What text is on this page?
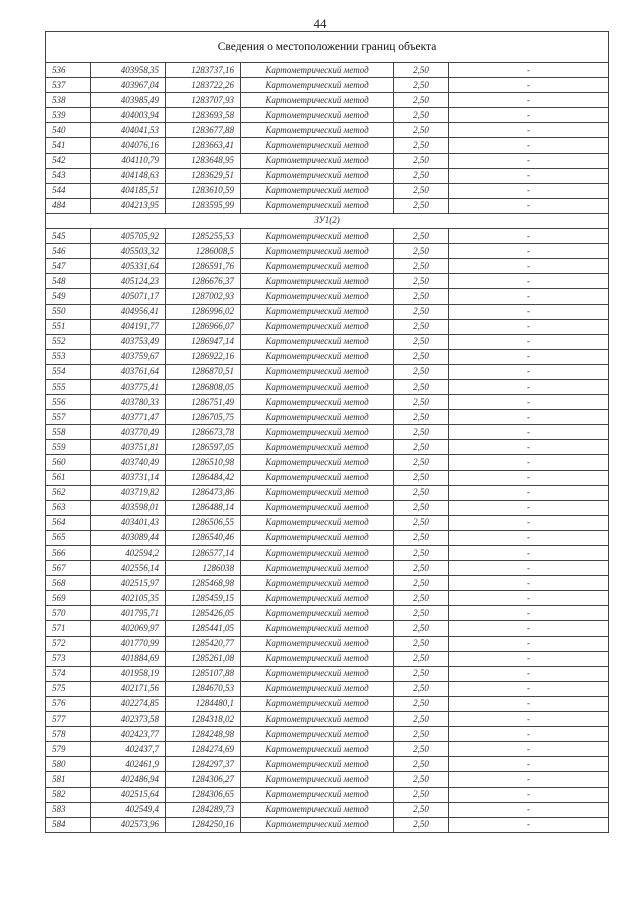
44
Сведения о местоположении границ объекта					
536	403958,35	1283737,16	Картометрический метод	2,50	-
537	403967,04	1283722,26	Картометрический метод	2,50	-
538	403985,49	1283707,93	Картометрический метод	2,50	-
539	404003,94	1283693,58	Картометрический метод	2,50	-
540	404041,53	1283677,88	Картометрический метод	2,50	-
541	404076,16	1283663,41	Картометрический метод	2,50	-
542	404110,79	1283648,95	Картометрический метод	2,50	-
543	404148,63	1283629,51	Картометрический метод	2,50	-
544	404185,51	1283610,59	Картометрический метод	2,50	-
484	404213,95	1283595,99	Картометрический метод	2,50	-
ЗУ1(2)					
545	405705,92	1285255,53	Картометрический метод	2,50	-
546	405503,32	1286008,5	Картометрический метод	2,50	-
547	405331,64	1286591,76	Картометрический метод	2,50	-
548	405124,23	1286676,37	Картометрический метод	2,50	-
549	405071,17	1287002,93	Картометрический метод	2,50	-
550	404956,41	1286996,02	Картометрический метод	2,50	-
551	404191,77	1286966,07	Картометрический метод	2,50	-
552	403753,49	1286947,14	Картометрический метод	2,50	-
553	403759,67	1286922,16	Картометрический метод	2,50	-
554	403761,64	1286870,51	Картометрический метод	2,50	-
555	403775,41	1286808,05	Картометрический метод	2,50	-
556	403780,33	1286751,49	Картометрический метод	2,50	-
557	403771,47	1286705,75	Картометрический метод	2,50	-
558	403770,49	1286673,78	Картометрический метод	2,50	-
559	403751,81	1286597,05	Картометрический метод	2,50	-
560	403740,49	1286510,98	Картометрический метод	2,50	-
561	403731,14	1286484,42	Картометрический метод	2,50	-
562	403719,82	1286473,86	Картометрический метод	2,50	-
563	403598,01	1286488,14	Картометрический метод	2,50	-
564	403401,43	1286506,55	Картометрический метод	2,50	-
565	403089,44	1286540,46	Картометрический метод	2,50	-
566	402594,2	1286577,14	Картометрический метод	2,50	-
567	402556,14	1286038	Картометрический метод	2,50	-
568	402515,97	1285468,98	Картометрический метод	2,50	-
569	402105,35	1285459,15	Картометрический метод	2,50	-
570	401795,71	1285426,05	Картометрический метод	2,50	-
571	402069,97	1285441,05	Картометрический метод	2,50	-
572	401770,99	1285420,77	Картометрический метод	2,50	-
573	401884,69	1285261,08	Картометрический метод	2,50	-
574	401958,19	1285107,88	Картометрический метод	2,50	-
575	402171,56	1284670,53	Картометрический метод	2,50	-
576	402274,85	1284480,1	Картометрический метод	2,50	-
577	402373,58	1284318,02	Картометрический метод	2,50	-
578	402423,77	1284248,98	Картометрический метод	2,50	-
579	402437,7	1284274,69	Картометрический метод	2,50	-
580	402461,9	1284297,37	Картометрический метод	2,50	-
581	402486,94	1284306,27	Картометрический метод	2,50	-
582	402515,64	1284306,65	Картометрический метод	2,50	-
583	402549,4	1284289,73	Картометрический метод	2,50	-
584	402573,96	1284250,16	Картометрический метод	2,50	-
